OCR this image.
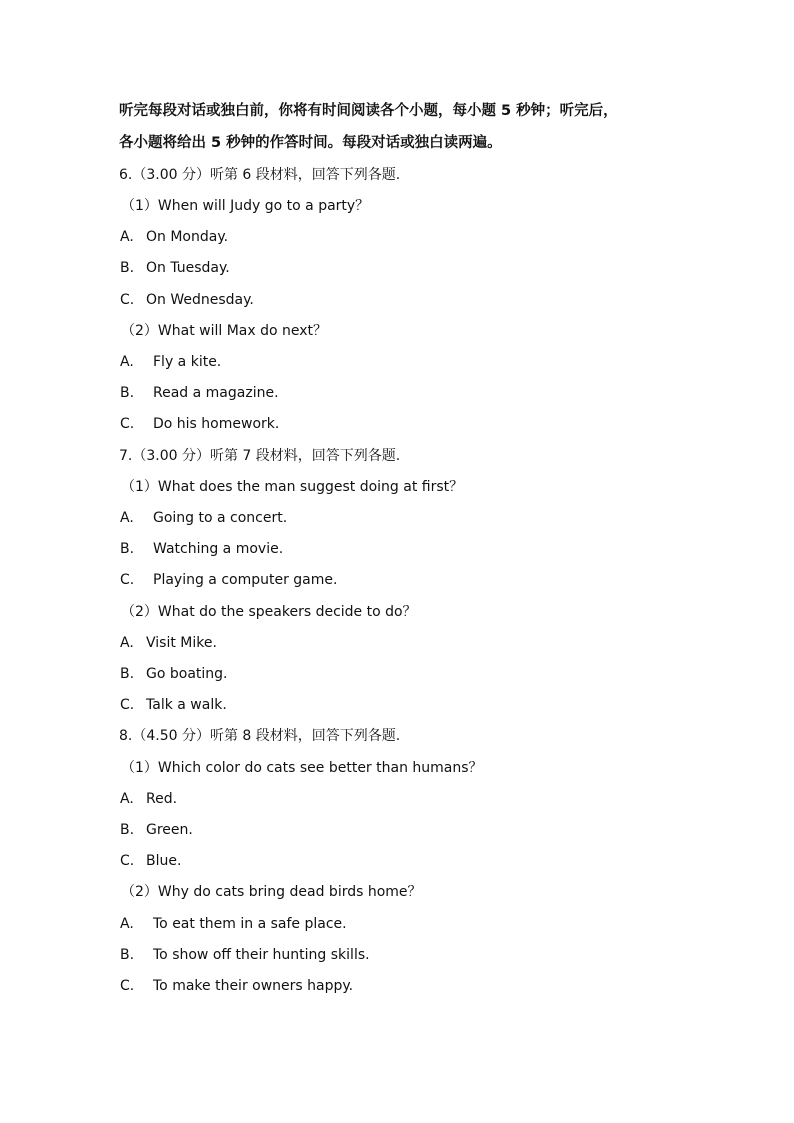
听完每段对话或独白前，你将有时间阅读各个小题，每小题 5 秒钟；听完后，
各小题将给出 5 秒钟的作答时间。每段对话或独白读两遍。
6.（3.00 分）听第 6 段材料，回答下列各题.
（1）When will Judy go to a party？
A. On Monday.
B. On Tuesday.
C. On Wednesday.
（2）What will Max do next？
A. Fly a kite.
B. Read a magazine.
C. Do his homework.
7.（3.00 分）听第 7 段材料，回答下列各题.
（1）What does the man suggest doing at first？
A. Going to a concert.
B. Watching a movie.
C. Playing a computer game.
（2）What do the speakers decide to do？
A. Visit Mike.
B. Go boating.
C. Talk a walk.
8.（4.50 分）听第 8 段材料，回答下列各题.
（1）Which color do cats see better than humans？
A. Red.
B. Green.
C. Blue.
（2）Why do cats bring dead birds home？
A. To eat them in a safe place.
B. To show off their hunting skills.
C. To make their owners happy.
